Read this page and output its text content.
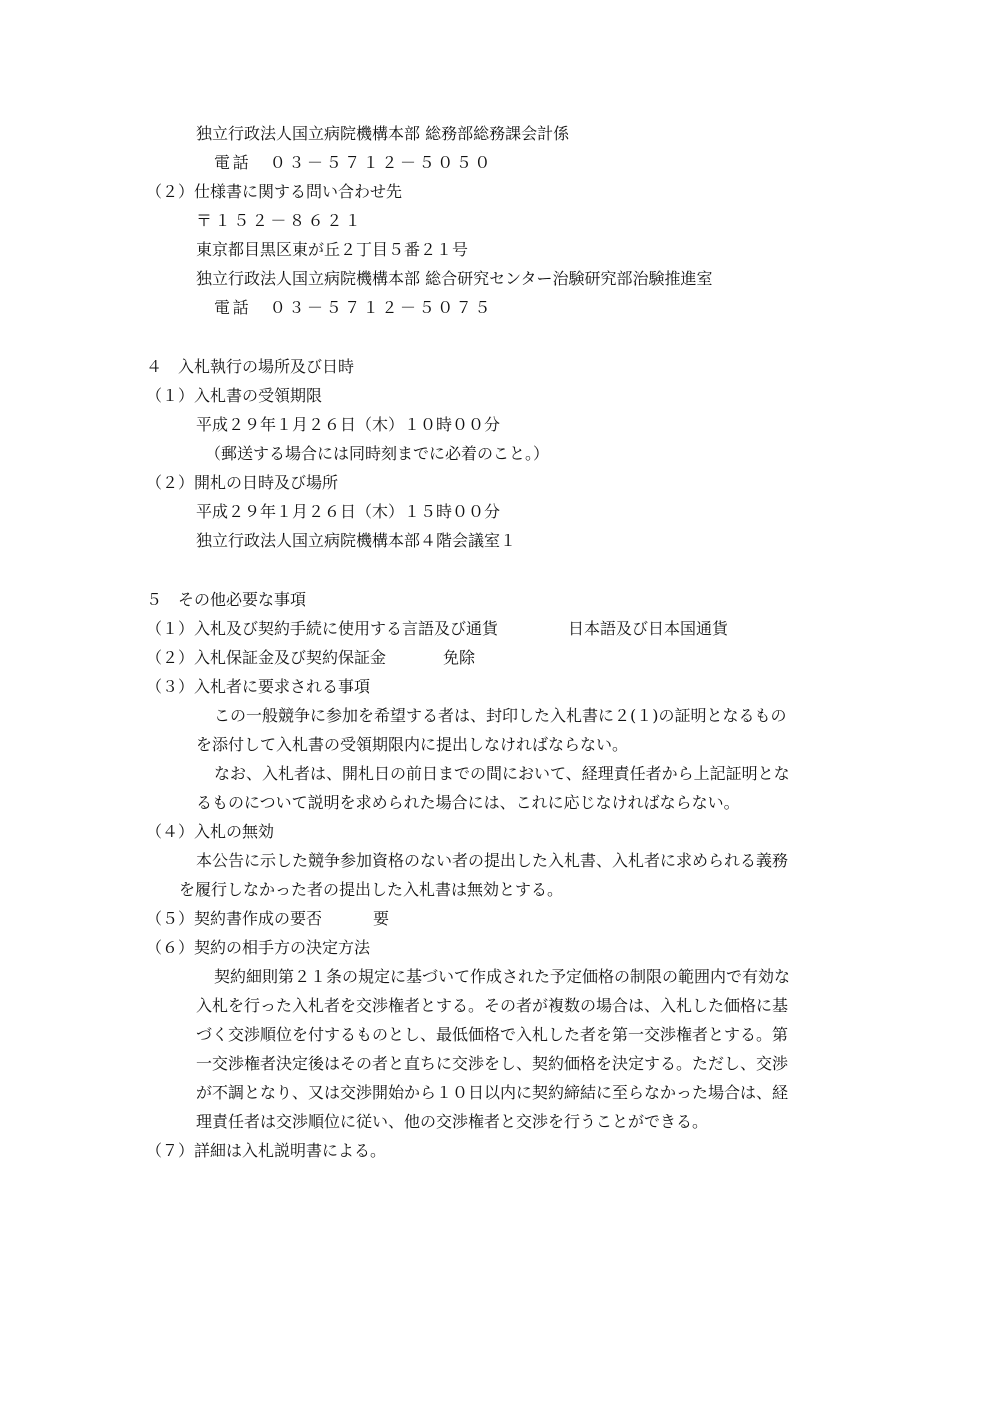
独立行政法人国立病院機構本部 総務部総務課会計係
電話　０３－５７１２－５０５０
（２）仕様書に関する問い合わせ先
〒１５２－８６２１
東京都目黒区東が丘２丁目５番２１号
独立行政法人国立病院機構本部 総合研究センター治験研究部治験推進室
電話　０３－５７１２－５０７５
４　入札執行の場所及び日時
（１）入札書の受領期限
平成２９年１月２６日（木）１０時００分
（郵送する場合には同時刻までに必着のこと。）
（２）開札の日時及び場所
平成２９年１月２６日（木）１５時００分
独立行政法人国立病院機構本部４階会議室１
５　その他必要な事項
（１）入札及び契約手続に使用する言語及び通貨	日本語及び日本国通貨
（２）入札保証金及び契約保証金	免除
（３）入札者に要求される事項
この一般競争に参加を希望する者は、封印した入札書に２(１)の証明となるもの
を添付して入札書の受領期限内に提出しなければならない。
なお、入札者は、開札日の前日までの間において、経理責任者から上記証明とな
るものについて説明を求められた場合には、これに応じなければならない。
（４）入札の無効
本公告に示した競争参加資格のない者の提出した入札書、入札者に求められる義務
を履行しなかった者の提出した入札書は無効とする。
（５）契約書作成の要否	要
（６）契約の相手方の決定方法
契約細則第２１条の規定に基づいて作成された予定価格の制限の範囲内で有効な
入札を行った入札者を交渉権者とする。その者が複数の場合は、入札した価格に基
づく交渉順位を付するものとし、最低価格で入札した者を第一交渉権者とする。第
一交渉権者決定後はその者と直ちに交渉をし、契約価格を決定する。ただし、交渉
が不調となり、又は交渉開始から１０日以内に契約締結に至らなかった場合は、経
理責任者は交渉順位に従い、他の交渉権者と交渉を行うことができる。
（７）詳細は入札説明書による。
